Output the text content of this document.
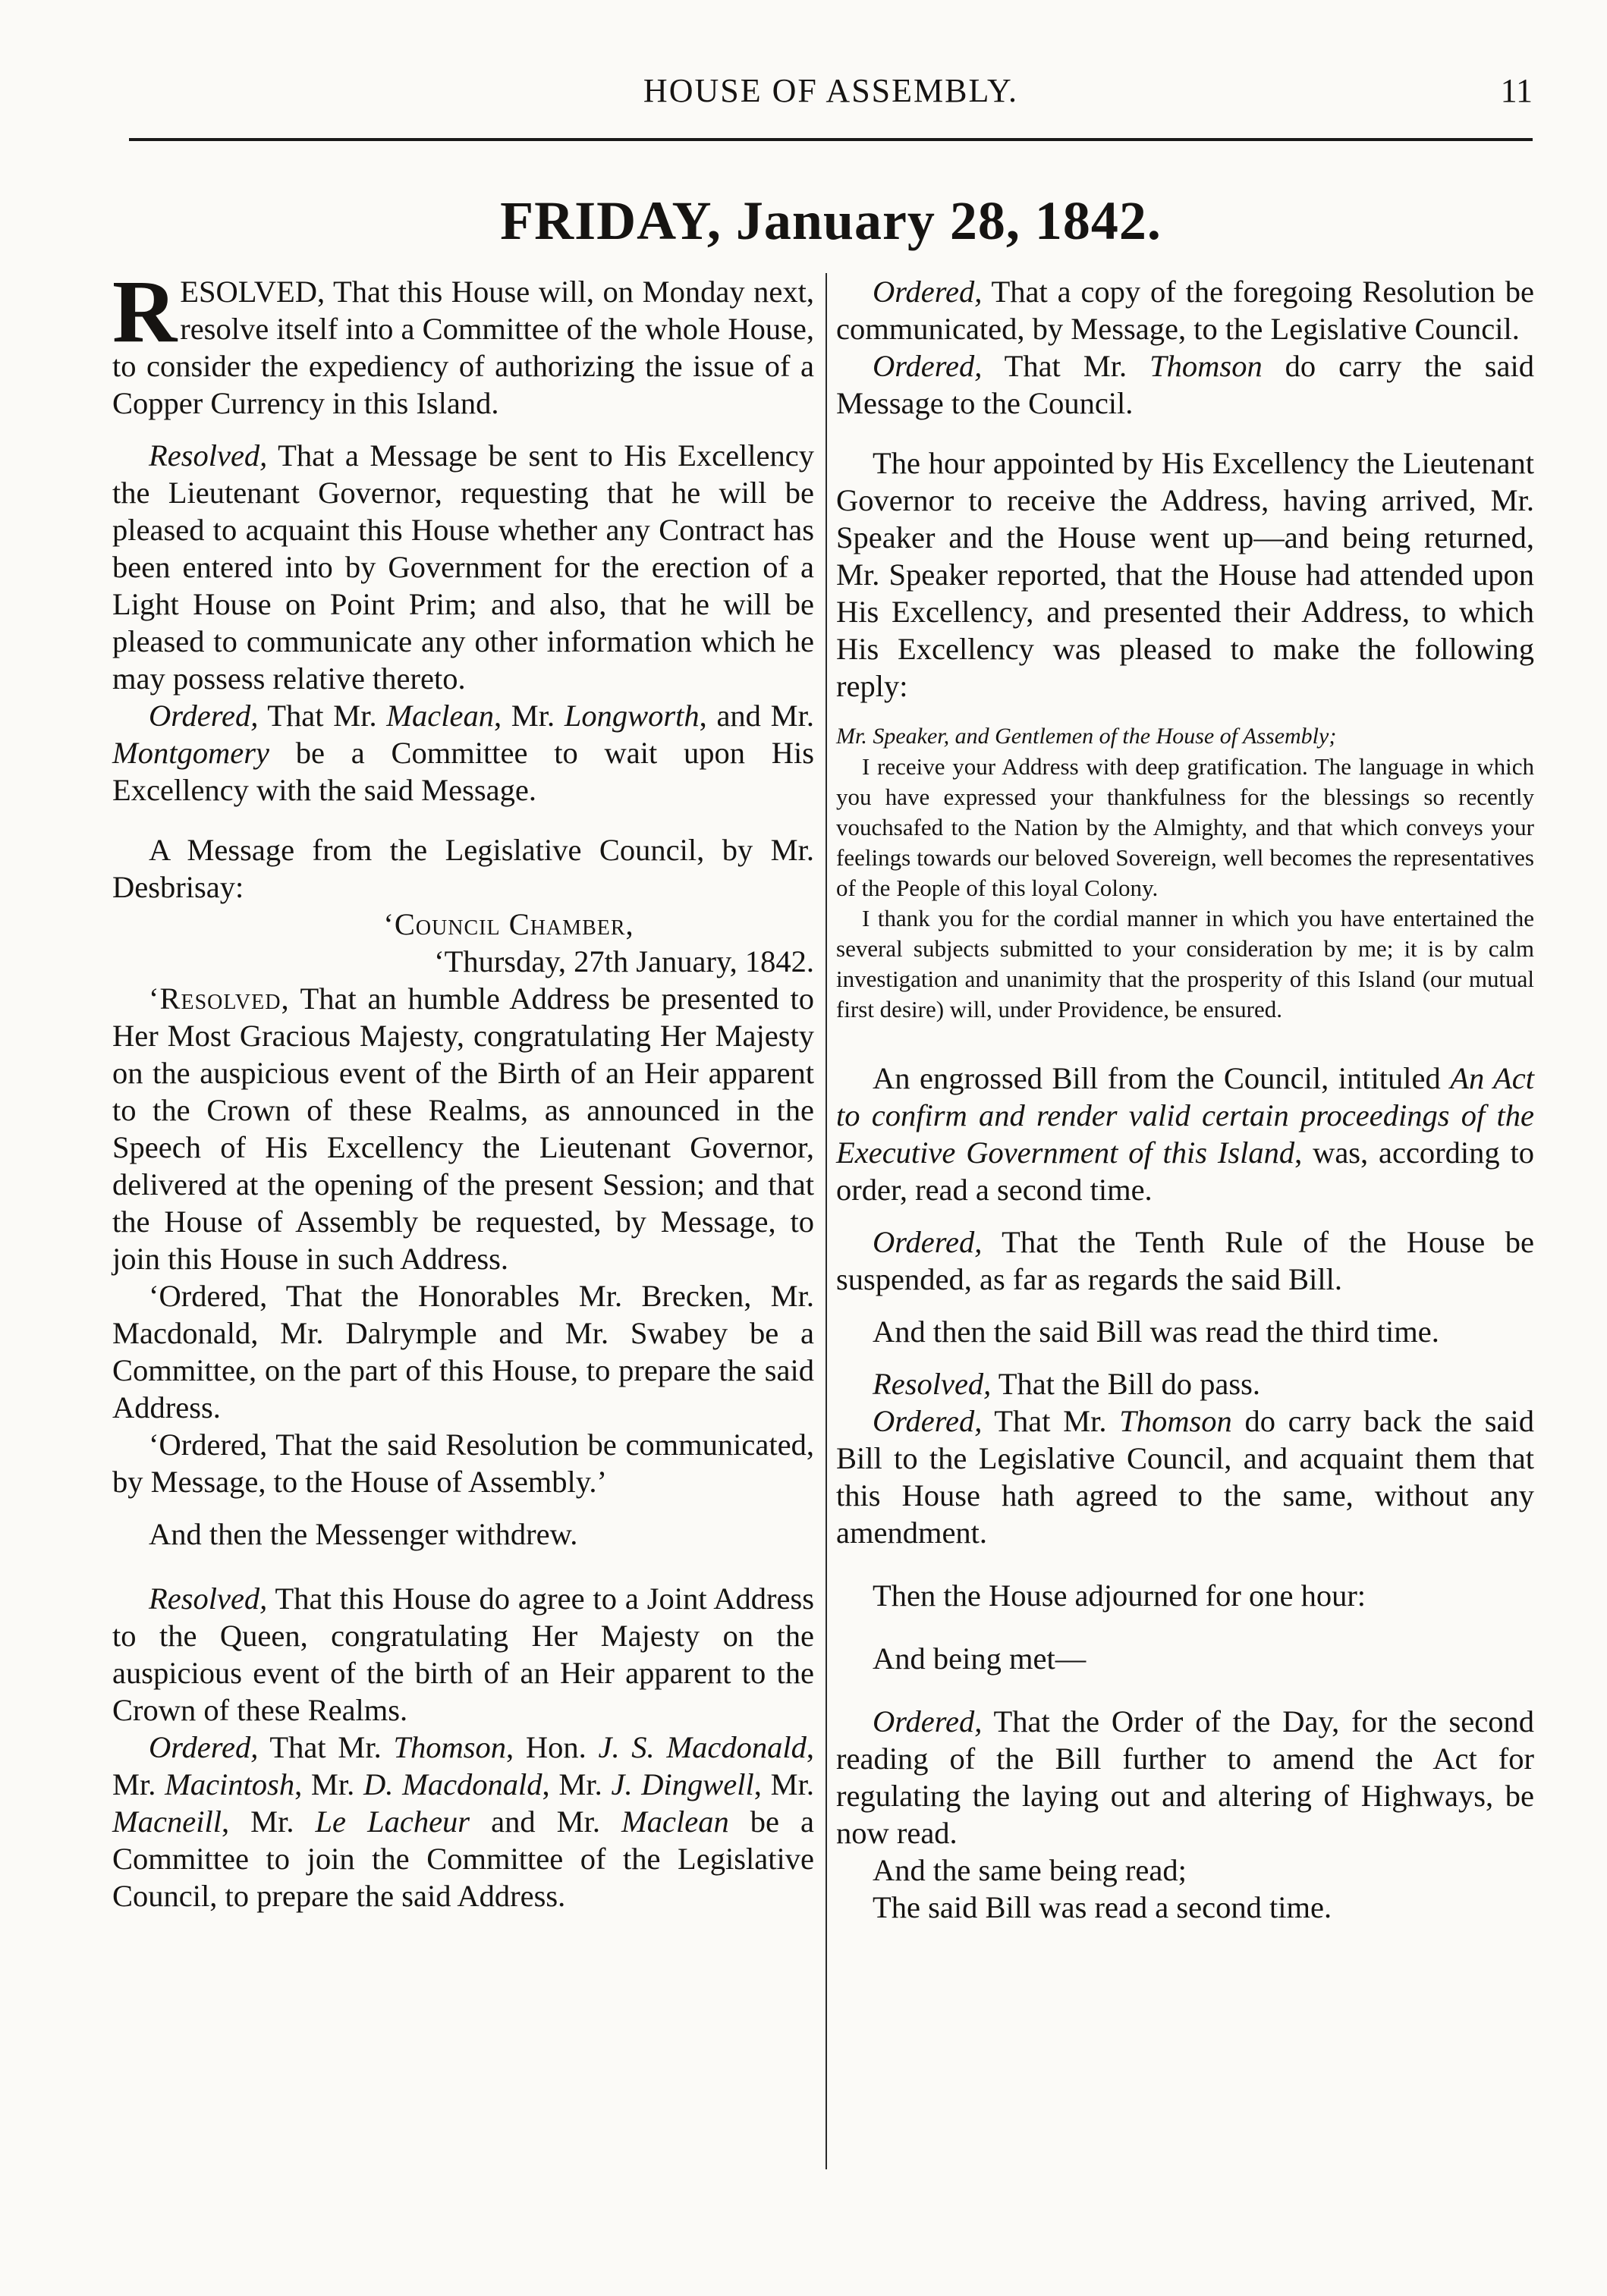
HOUSE OF ASSEMBLY.	11
FRIDAY, January 28, 1842.

RESOLVED, That this House will, on Monday next, resolve itself into a Committee of the whole House, to consider the expediency of authorizing the issue of a Copper Currency in this Island.

Resolved, That a Message be sent to His Excellency the Lieutenant Governor, requesting that he will be pleased to acquaint this House whether any Contract has been entered into by Government for the erection of a Light House on Point Prim; and also, that he will be pleased to communicate any other information which he may possess relative thereto.

Ordered, That Mr. Maclean, Mr. Longworth, and Mr. Montgomery be a Committee to wait upon His Excellency with the said Message.

A Message from the Legislative Council, by Mr. Desbrisay:

‘Council Chamber,

‘Thursday, 27th January, 1842.

‘Resolved, That an humble Address be presented to Her Most Gracious Majesty, congratulating Her Majesty on the auspicious event of the Birth of an Heir apparent to the Crown of these Realms, as announced in the Speech of His Excellency the Lieutenant Governor, delivered at the opening of the present Session; and that the House of Assembly be requested, by Message, to join this House in such Address.

‘Ordered, That the Honorables Mr. Brecken, Mr. Macdonald, Mr. Dalrymple and Mr. Swabey be a Committee, on the part of this House, to prepare the said Address.

‘Ordered, That the said Resolution be communicated, by Message, to the House of Assembly.’

And then the Messenger withdrew.

Resolved, That this House do agree to a Joint Address to the Queen, congratulating Her Majesty on the auspicious event of the birth of an Heir apparent to the Crown of these Realms.

Ordered, That Mr. Thomson, Hon. J. S. Macdonald, Mr. Macintosh, Mr. D. Macdonald, Mr. J. Dingwell, Mr. Macneill, Mr. Le Lacheur and Mr. Maclean be a Committee to join the Committee of the Legislative Council, to prepare the said Address.

Ordered, That a copy of the foregoing Resolution be communicated, by Message, to the Legislative Council.

Ordered, That Mr. Thomson do carry the said Message to the Council.

The hour appointed by His Excellency the Lieutenant Governor to receive the Address, having arrived, Mr. Speaker and the House went up—and being returned, Mr. Speaker reported, that the House had attended upon His Excellency, and presented their Address, to which His Excellency was pleased to make the following reply:

Mr. Speaker, and Gentlemen of the House of Assembly;

I receive your Address with deep gratification. The language in which you have expressed your thankfulness for the blessings so recently vouchsafed to the Nation by the Almighty, and that which conveys your feelings towards our beloved Sovereign, well becomes the representatives of the People of this loyal Colony.

I thank you for the cordial manner in which you have entertained the several subjects submitted to your consideration by me; it is by calm investigation and unanimity that the prosperity of this Island (our mutual first desire) will, under Providence, be ensured.

An engrossed Bill from the Council, intituled An Act to confirm and render valid certain proceedings of the Executive Government of this Island, was, according to order, read a second time.

Ordered, That the Tenth Rule of the House be suspended, as far as regards the said Bill.

And then the said Bill was read the third time.

Resolved, That the Bill do pass.

Ordered, That Mr. Thomson do carry back the said Bill to the Legislative Council, and acquaint them that this House hath agreed to the same, without any amendment.

Then the House adjourned for one hour:

And being met—

Ordered, That the Order of the Day, for the second reading of the Bill further to amend the Act for regulating the laying out and altering of Highways, be now read.

And the same being read;

The said Bill was read a second time.
